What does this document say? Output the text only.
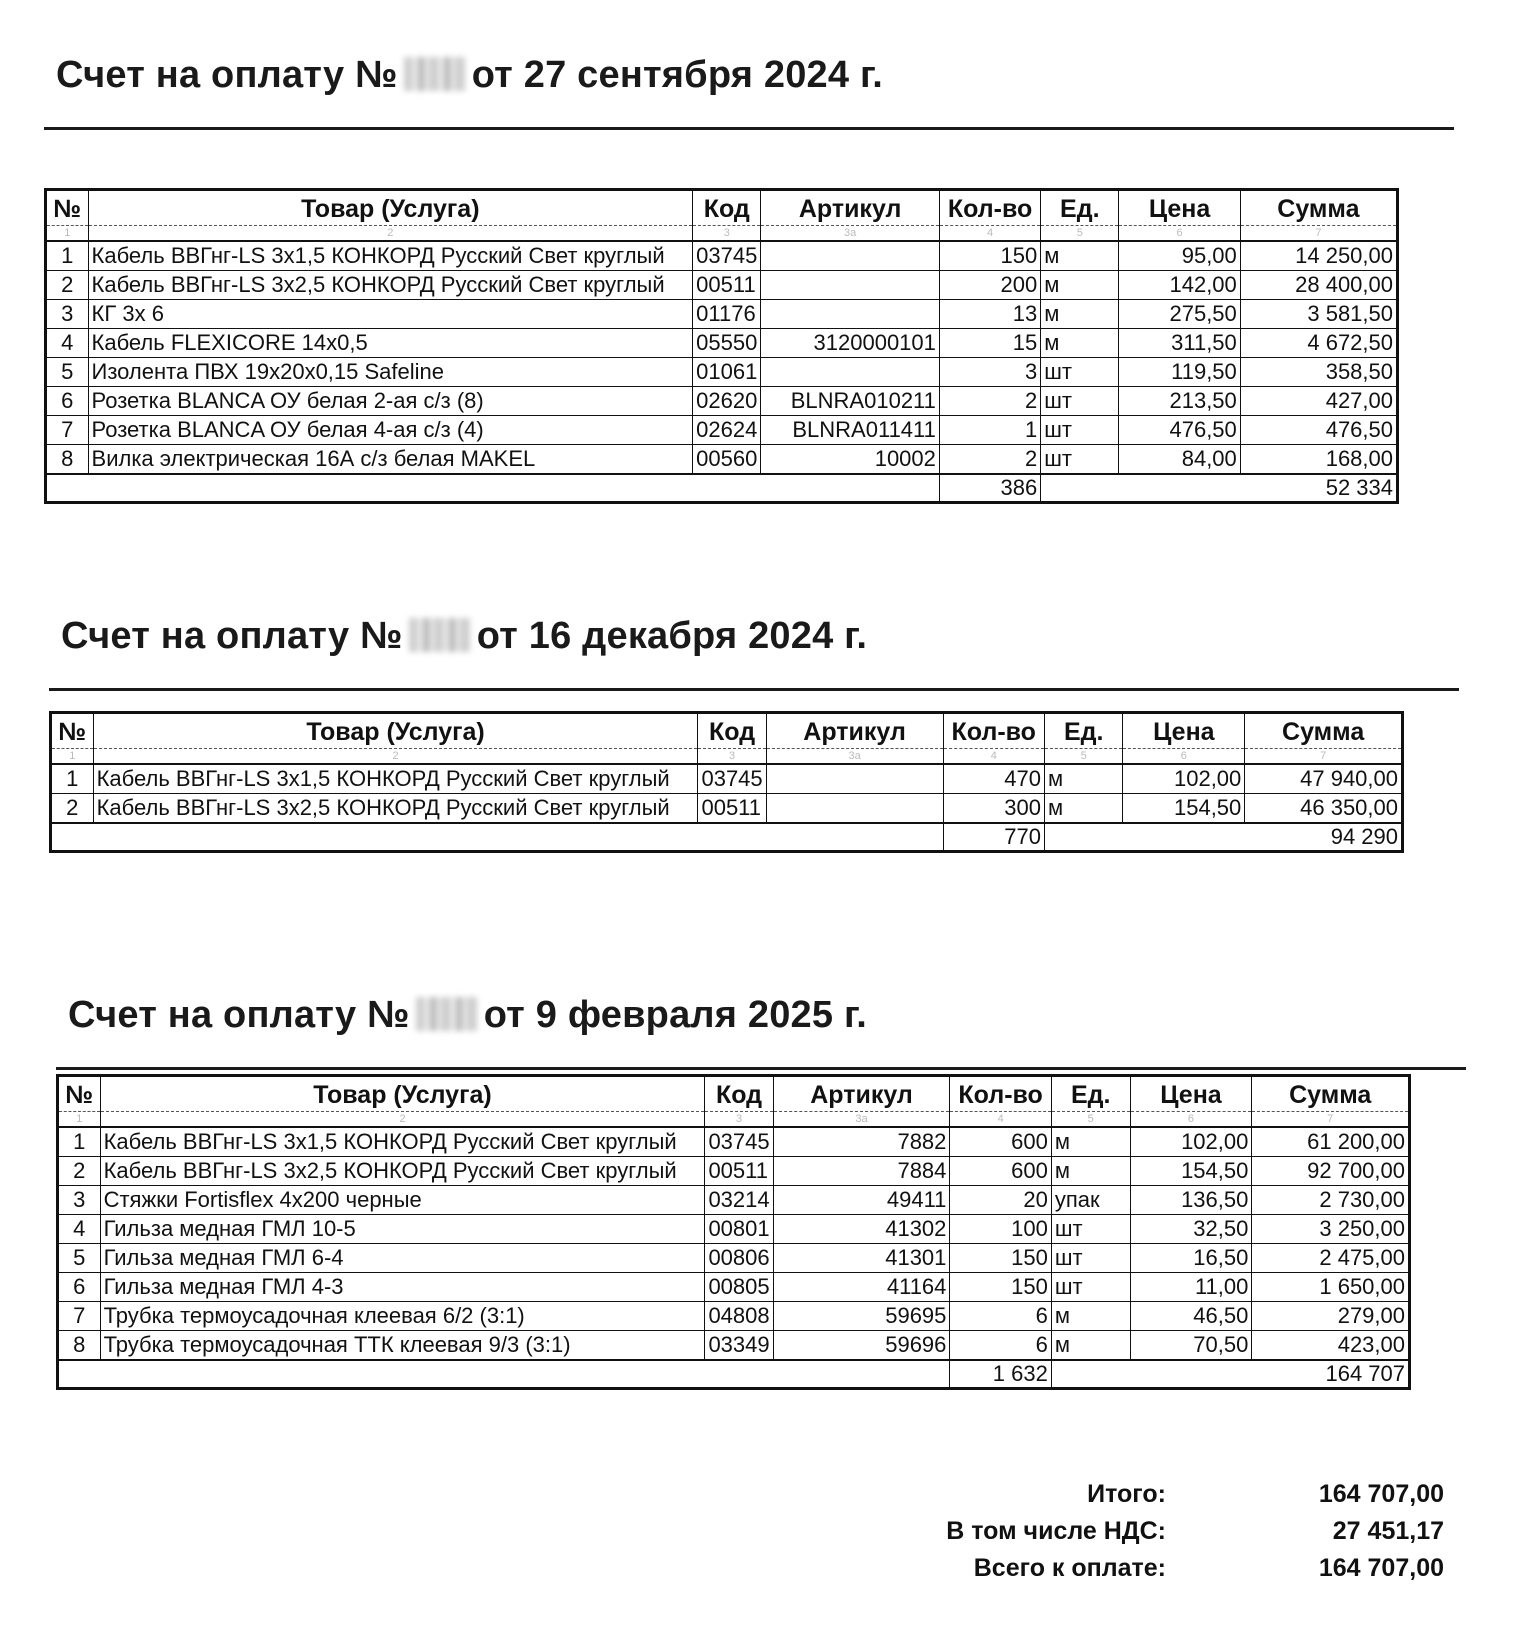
Счет на оплату № от 27 сентября 2024 г.
№	Товар (Услуга)	Код	Артикул	Кол-во	Ед.	Цена	Сумма
1	2	3	3a	4	5	6	7
1	Кабель ВВГнг-LS 3х1,5 КОНКОРД Русский Свет круглый	03745		150	м	95,00	14 250,00
2	Кабель ВВГнг-LS 3х2,5 КОНКОРД Русский Свет круглый	00511		200	м	142,00	28 400,00
3	КГ 3х 6	01176		13	м	275,50	3 581,50
4	Кабель FLEXICORE 14х0,5	05550	3120000101	15	м	311,50	4 672,50
5	Изолента ПВХ 19х20х0,15 Safeline	01061		3	шт	119,50	358,50
6	Розетка BLANCA ОУ белая 2-ая с/з (8)	02620	BLNRA010211	2	шт	213,50	427,00
7	Розетка BLANCA ОУ белая 4-ая с/з (4)	02624	BLNRA011411	1	шт	476,50	476,50
8	Вилка электрическая 16А с/з белая MAKEL	00560	10002	2	шт	84,00	168,00
				386	52 334		
Счет на оплату № от 16 декабря 2024 г.
№	Товар (Услуга)	Код	Артикул	Кол-во	Ед.	Цена	Сумма
1	2	3	3a	4	5	6	7
1	Кабель ВВГнг-LS 3х1,5 КОНКОРД Русский Свет круглый	03745		470	м	102,00	47 940,00
2	Кабель ВВГнг-LS 3х2,5 КОНКОРД Русский Свет круглый	00511		300	м	154,50	46 350,00
				770	94 290		
Счет на оплату № от 9 февраля 2025 г.
№	Товар (Услуга)	Код	Артикул	Кол-во	Ед.	Цена	Сумма
1	2	3	3a	4	5	6	7
1	Кабель ВВГнг-LS 3х1,5 КОНКОРД Русский Свет круглый	03745	7882	600	м	102,00	61 200,00
2	Кабель ВВГнг-LS 3х2,5 КОНКОРД Русский Свет круглый	00511	7884	600	м	154,50	92 700,00
3	Стяжки Fortisflex 4х200 черные	03214	49411	20	упак	136,50	2 730,00
4	Гильза медная ГМЛ 10-5	00801	41302	100	шт	32,50	3 250,00
5	Гильза медная ГМЛ 6-4	00806	41301	150	шт	16,50	2 475,00
6	Гильза медная ГМЛ 4-3	00805	41164	150	шт	11,00	1 650,00
7	Трубка термоусадочная клеевая 6/2 (3:1)	04808	59695	6	м	46,50	279,00
8	Трубка термоусадочная ТТК клеевая 9/3 (3:1)	03349	59696	6	м	70,50	423,00
				1 632	164 707		
Итого:	164 707,00
В том числе НДС:	27 451,17
Всего к оплате:	164 707,00
